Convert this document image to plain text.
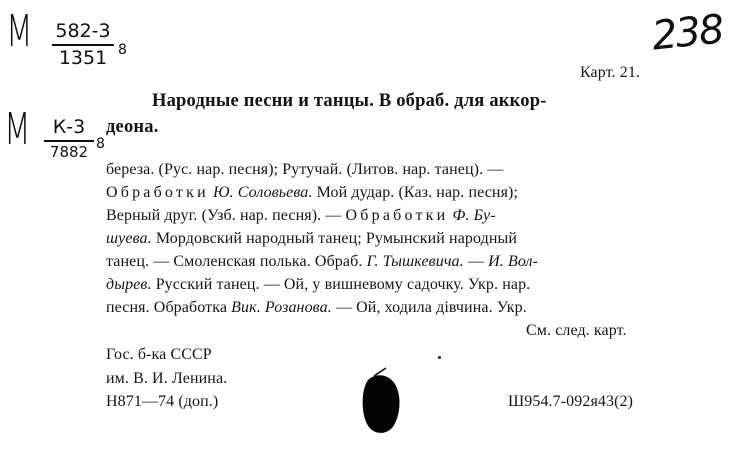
М 582-3
1351 8	238
Карт. 21.
Народные песни и танцы. В обраб. для аккор-
М	К-3
7882 8
деона.
береза. (Рус. нар. песня); Рутучай. (Литов. нар. танец). —
Обработки Ю. Соловьева. Мой дудар. (Каз. нар. песня);
Верный друг. (Узб. нар. песня). — Обработки Ф. Бу-
шуева. Мордовский народный танец; Румынский народный
танец. — Смоленская полька. Обраб. Г. Тышкевича. — И. Вол-
дырев. Русский танец. — Ой, у вишневому садочку. Укр. нар.
песня. Обработка Вик. Розанова. — Ой, ходила дівчина. Укр.
См. след. карт.
Гос. б-ка СССР
им. В. И. Ленина.
Н871—74 (доп.)	Ш954.7-092я43(2)
